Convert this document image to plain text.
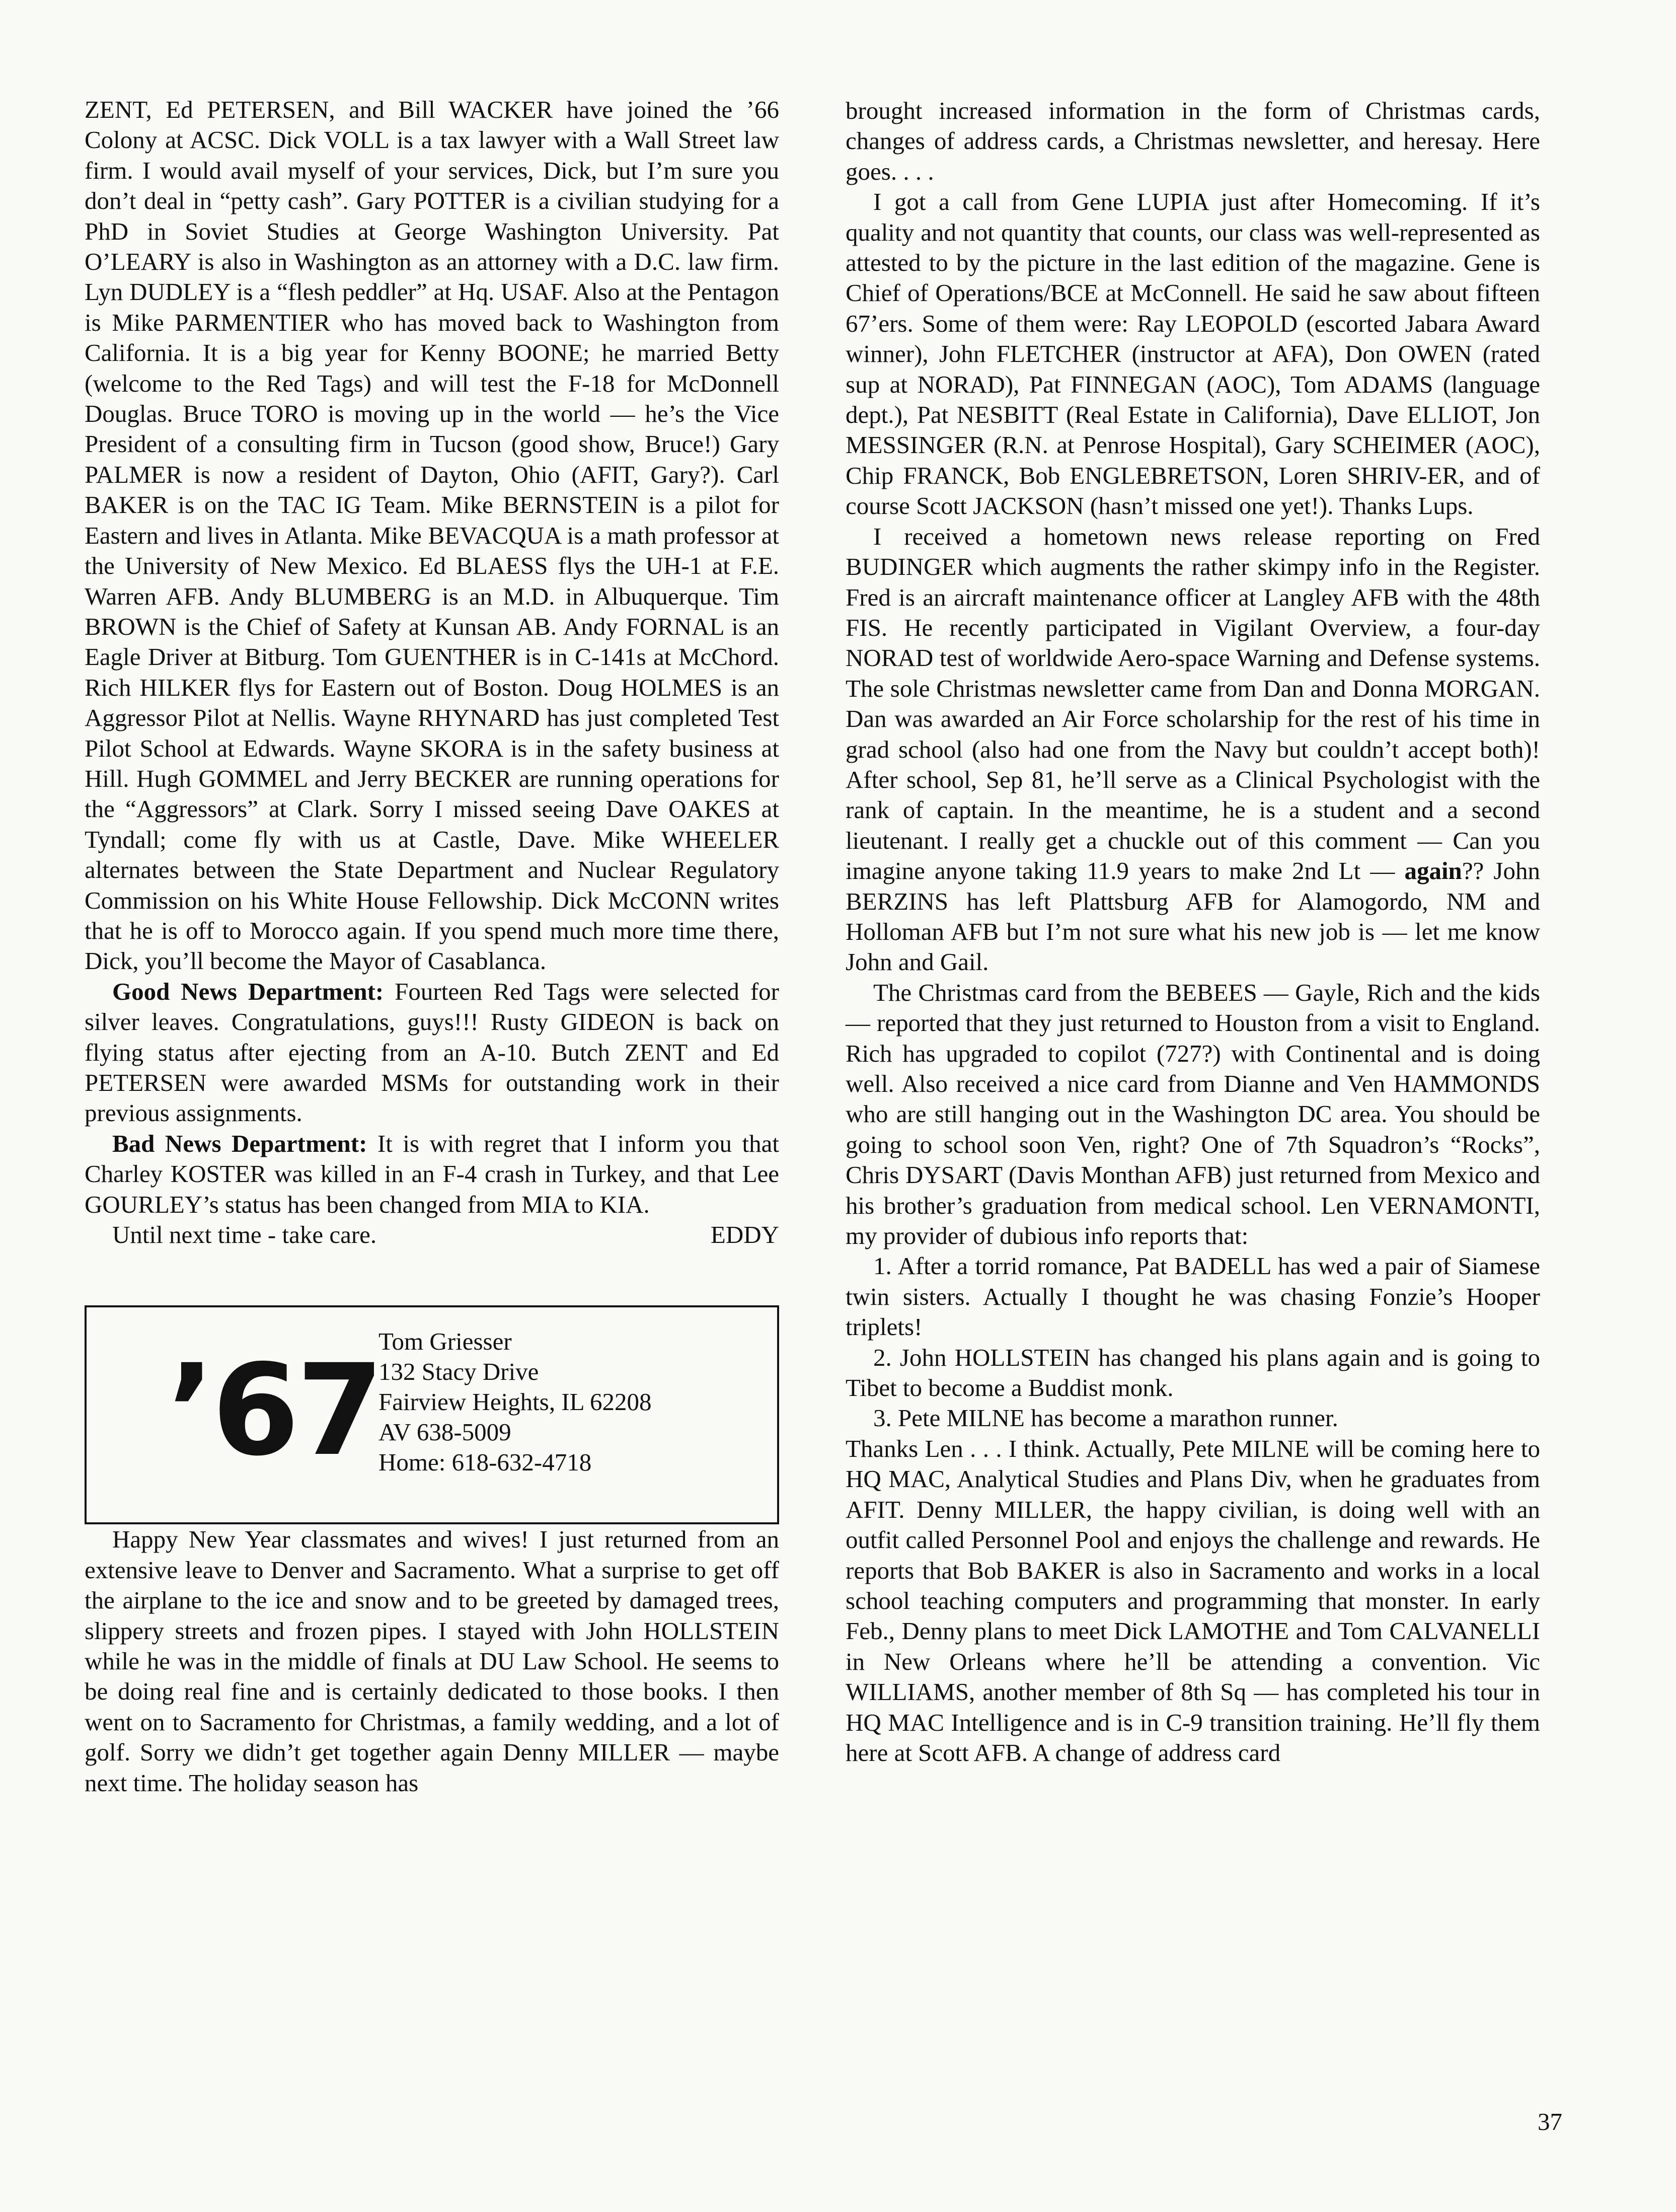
ZENT, Ed PETERSEN, and Bill WACKER have joined the ’66 Colony at ACSC. Dick VOLL is a tax lawyer with a Wall Street law firm. I would avail myself of your services, Dick, but I’m sure you don’t deal in “petty cash”. Gary POTTER is a civilian studying for a PhD in Soviet Studies at George Washington University. Pat O’LEARY is also in Washington as an attorney with a D.C. law firm. Lyn DUDLEY is a “flesh peddler” at Hq. USAF. Also at the Pentagon is Mike PARMENTIER who has moved back to Washington from California. It is a big year for Kenny BOONE; he married Betty (welcome to the Red Tags) and will test the F-18 for McDonnell Douglas. Bruce TORO is moving up in the world — he’s the Vice President of a consulting firm in Tucson (good show, Bruce!) Gary PALMER is now a resident of Dayton, Ohio (AFIT, Gary?). Carl BAKER is on the TAC IG Team. Mike BERNSTEIN is a pilot for Eastern and lives in Atlanta. Mike BEVACQUA is a math professor at the University of New Mexico. Ed BLAESS flys the UH-1 at F.E. Warren AFB. Andy BLUMBERG is an M.D. in Albuquerque. Tim BROWN is the Chief of Safety at Kunsan AB. Andy FORNAL is an Eagle Driver at Bitburg. Tom GUENTHER is in C-141s at McChord. Rich HILKER flys for Eastern out of Boston. Doug HOLMES is an Aggressor Pilot at Nellis. Wayne RHYNARD has just completed Test Pilot School at Edwards. Wayne SKORA is in the safety business at Hill. Hugh GOMMEL and Jerry BECKER are running operations for the “Aggressors” at Clark. Sorry I missed seeing Dave OAKES at Tyndall; come fly with us at Castle, Dave. Mike WHEELER alternates between the State Department and Nuclear Regulatory Commission on his White House Fellowship. Dick McCONN writes that he is off to Morocco again. If you spend much more time there, Dick, you’ll become the Mayor of Casablanca.

Good News Department: Fourteen Red Tags were selected for silver leaves. Congratulations, guys!!! Rusty GIDEON is back on flying status after ejecting from an A-10. Butch ZENT and Ed PETERSEN were awarded MSMs for outstanding work in their previous assignments.

Bad News Department: It is with regret that I inform you that Charley KOSTER was killed in an F-4 crash in Turkey, and that Lee GOURLEY’s status has been changed from MIA to KIA.

Until next time - take care.	EDDY
’67
Tom Griesser
132 Stacy Drive
Fairview Heights, IL 62208
AV 638-5009
Home: 618-632-4718

Happy New Year classmates and wives! I just returned from an extensive leave to Denver and Sacramento. What a surprise to get off the airplane to the ice and snow and to be greeted by damaged trees, slippery streets and frozen pipes. I stayed with John HOLLSTEIN while he was in the middle of finals at DU Law School. He seems to be doing real fine and is certainly dedicated to those books. I then went on to Sacramento for Christmas, a family wedding, and a lot of golf. Sorry we didn’t get together again Denny MILLER — maybe next time. The holiday season has

brought increased information in the form of Christmas cards, changes of address cards, a Christmas newsletter, and heresay. Here goes. . . .

I got a call from Gene LUPIA just after Homecoming. If it’s quality and not quantity that counts, our class was well-represented as attested to by the picture in the last edition of the magazine. Gene is Chief of Operations/BCE at McConnell. He said he saw about fifteen 67’ers. Some of them were: Ray LEOPOLD (escorted Jabara Award winner), John FLETCHER (instructor at AFA), Don OWEN (rated sup at NORAD), Pat FINNEGAN (AOC), Tom ADAMS (language dept.), Pat NESBITT (Real Estate in California), Dave ELLIOT, Jon MESSINGER (R.N. at Penrose Hospital), Gary SCHEIMER (AOC), Chip FRANCK, Bob ENGLEBRETSON, Loren SHRIV-ER, and of course Scott JACKSON (hasn’t missed one yet!). Thanks Lups.

I received a hometown news release reporting on Fred BUDINGER which augments the rather skimpy info in the Register. Fred is an aircraft maintenance officer at Langley AFB with the 48th FIS. He recently participated in Vigilant Overview, a four-day NORAD test of worldwide Aero-space Warning and Defense systems. The sole Christmas newsletter came from Dan and Donna MORGAN. Dan was awarded an Air Force scholarship for the rest of his time in grad school (also had one from the Navy but couldn’t accept both)! After school, Sep 81, he’ll serve as a Clinical Psychologist with the rank of captain. In the meantime, he is a student and a second lieutenant. I really get a chuckle out of this comment — Can you imagine anyone taking 11.9 years to make 2nd Lt — again?? John BERZINS has left Plattsburg AFB for Alamogordo, NM and Holloman AFB but I’m not sure what his new job is — let me know John and Gail.

The Christmas card from the BEBEES — Gayle, Rich and the kids — reported that they just returned to Houston from a visit to England. Rich has upgraded to copilot (727?) with Continental and is doing well. Also received a nice card from Dianne and Ven HAMMONDS who are still hanging out in the Washington DC area. You should be going to school soon Ven, right? One of 7th Squadron’s “Rocks”, Chris DYSART (Davis Monthan AFB) just returned from Mexico and his brother’s graduation from medical school. Len VERNAMONTI, my provider of dubious info reports that:

1. After a torrid romance, Pat BADELL has wed a pair of Siamese twin sisters. Actually I thought he was chasing Fonzie’s Hooper triplets!

2. John HOLLSTEIN has changed his plans again and is going to Tibet to become a Buddist monk.

3. Pete MILNE has become a marathon runner.

Thanks Len . . . I think. Actually, Pete MILNE will be coming here to HQ MAC, Analytical Studies and Plans Div, when he graduates from AFIT. Denny MILLER, the happy civilian, is doing well with an outfit called Personnel Pool and enjoys the challenge and rewards. He reports that Bob BAKER is also in Sacramento and works in a local school teaching computers and programming that monster. In early Feb., Denny plans to meet Dick LAMOTHE and Tom CALVANELLI in New Orleans where he’ll be attending a convention. Vic WILLIAMS, another member of 8th Sq — has completed his tour in HQ MAC Intelligence and is in C-9 transition training. He’ll fly them here at Scott AFB. A change of address card

37
